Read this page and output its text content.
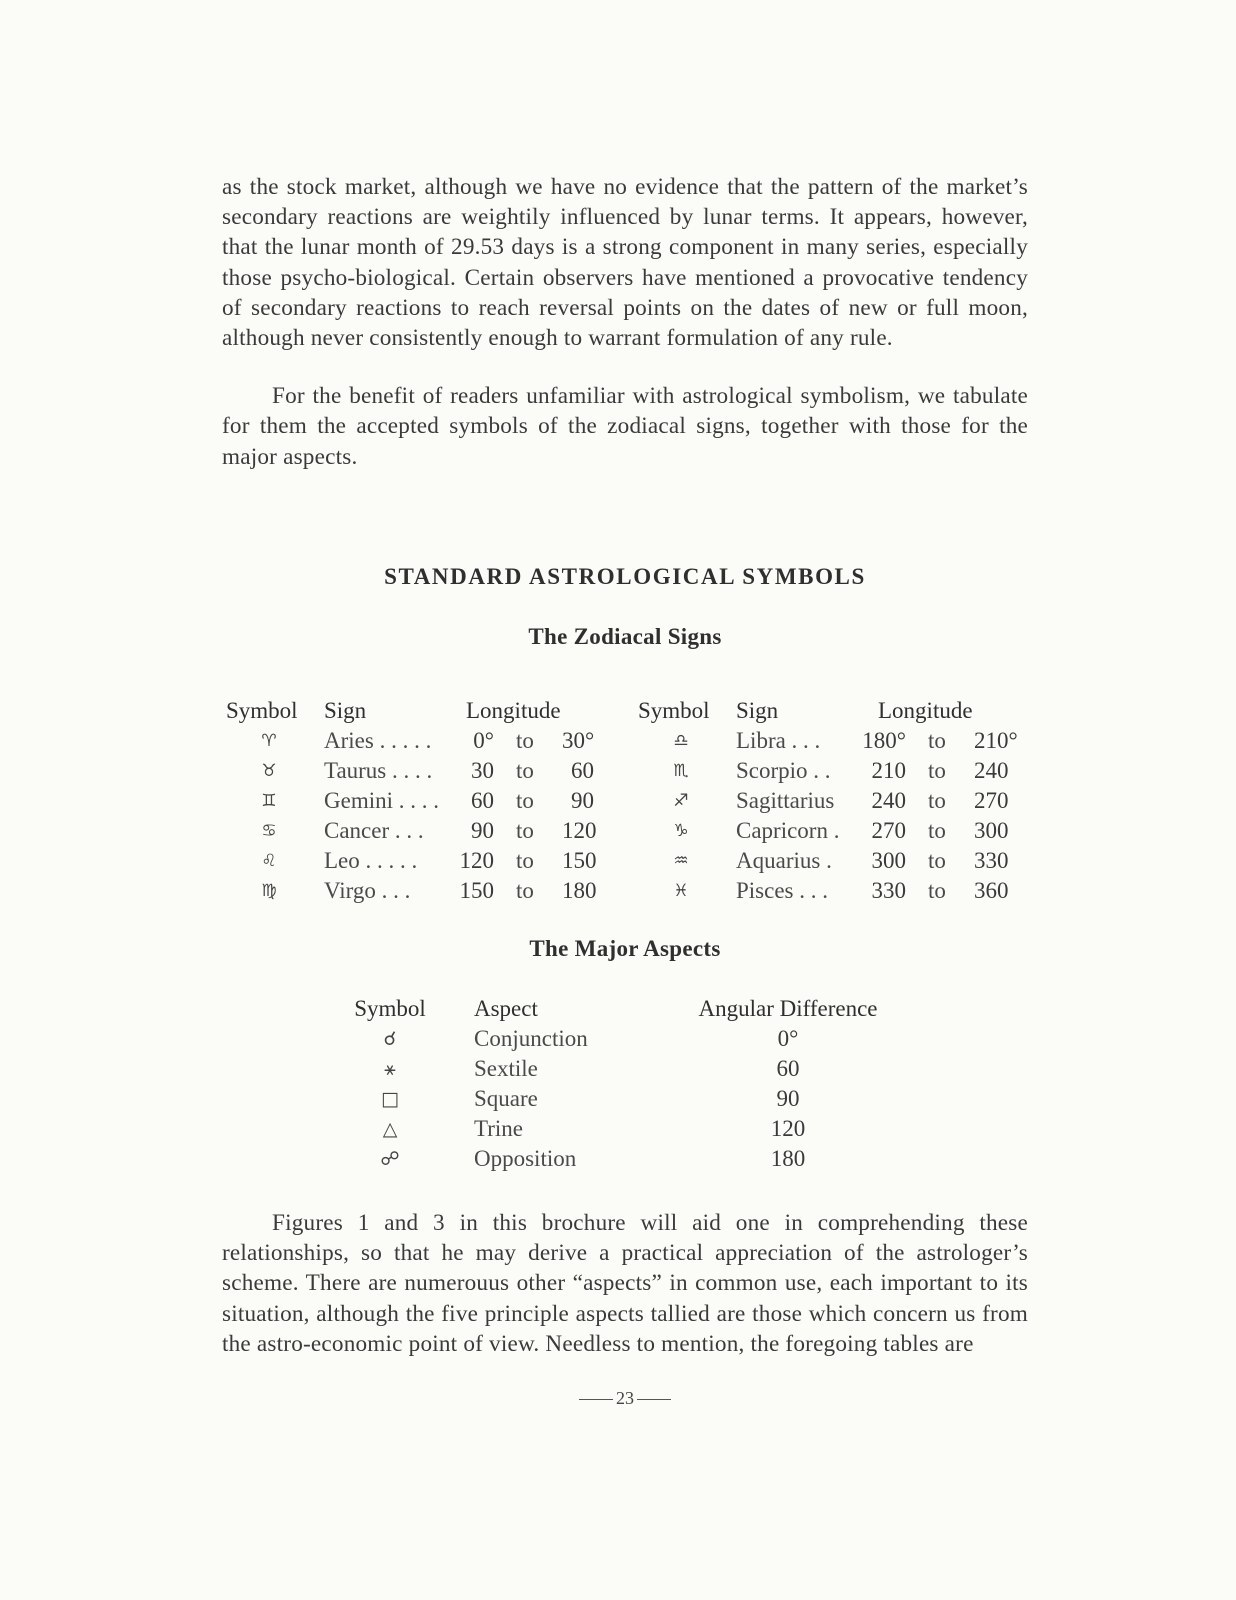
as the stock market, although we have no evidence that the pattern of the market’s secondary reactions are weightily influenced by lunar terms. It appears, however, that the lunar month of 29.53 days is a strong component in many series, especially those psycho-biological. Certain observers have mentioned a provocative tendency of secondary reactions to reach reversal points on the dates of new or full moon, although never consistently enough to warrant formulation of any rule.

For the benefit of readers unfamiliar with astrological symbolism, we tabulate for them the accepted symbols of the zodiacal signs, together with those for the major aspects.

STANDARD ASTROLOGICAL SYMBOLS
The Zodiacal Signs
Symbol Sign	Longitude
♈	Aries . . . . . 0° to 30°
♉	Taurus . . . . 30 to	60
♊	Gemini . . . . 60 to	90
♋	Cancer . . . 90 to 120
♌	Leo . . . . . 120 to 150
♍	Virgo . . . 150 to 180
Symbol Sign	Longitude
♎	Libra . . . 180° to 210°
♏	Scorpio . . 210 to 240
♐	Sagittarius 240 to 270
♑	Capricorn . 270 to 300
♒	Aquarius . 300 to 330
♓	Pisces . . . 330 to 360
The Major Aspects
Symbol	Aspect	Angular Difference
☌	Conjunction	0°
⚹	Sextile	60
□	Square	90
△	Trine	120
☍	Opposition	180

Figures 1 and 3 in this brochure will aid one in comprehending these relationships, so that he may derive a practical appreciation of the astrologer’s scheme. There are numerouus other “aspects” in common use, each important to its situation, although the five principle aspects tallied are those which concern us from the astro-economic point of view. Needless to mention, the foregoing tables are

23
